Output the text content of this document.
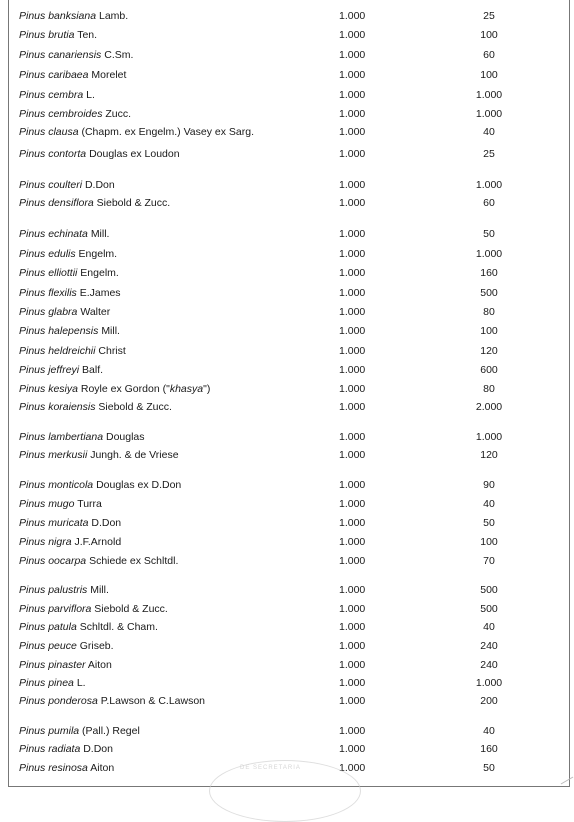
Pinus banksiana Lamb.	1.000	25
Pinus brutia Ten.	1.000	100
Pinus canariensis C.Sm.	1.000	60
Pinus caribaea Morelet	1.000	100
Pinus cembra L.	1.000	1.000
Pinus cembroides Zucc.	1.000	1.000
Pinus clausa (Chapm. ex Engelm.) Vasey ex Sarg.	1.000	40
Pinus contorta Douglas ex Loudon	1.000	25
Pinus coulteri D.Don	1.000	1.000
Pinus densiflora Siebold & Zucc.	1.000	60
Pinus echinata Mill.	1.000	50
Pinus edulis Engelm.	1.000	1.000
Pinus elliottii Engelm.	1.000	160
Pinus flexilis E.James	1.000	500
Pinus glabra Walter	1.000	80
Pinus halepensis Mill.	1.000	100
Pinus heldreichii Christ	1.000	120
Pinus jeffreyi Balf.	1.000	600
Pinus kesiya Royle ex Gordon ("khasya")	1.000	80
Pinus koraiensis Siebold & Zucc.	1.000	2.000
Pinus lambertiana Douglas	1.000	1.000
Pinus merkusii Jungh. & de Vriese	1.000	120
Pinus monticola Douglas ex D.Don	1.000	90
Pinus mugo Turra	1.000	40
Pinus muricata D.Don	1.000	50
Pinus nigra J.F.Arnold	1.000	100
Pinus oocarpa Schiede ex Schltdl.	1.000	70
Pinus palustris Mill.	1.000	500
Pinus parviflora Siebold & Zucc.	1.000	500
Pinus patula Schltdl. & Cham.	1.000	40
Pinus peuce Griseb.	1.000	240
Pinus pinaster Aiton	1.000	240
Pinus pinea L.	1.000	1.000
Pinus ponderosa P.Lawson & C.Lawson	1.000	200
Pinus pumila (Pall.) Regel	1.000	40
Pinus radiata D.Don	1.000	160
Pinus resinosa Aiton	1.000	50
DE SECRETARIA
